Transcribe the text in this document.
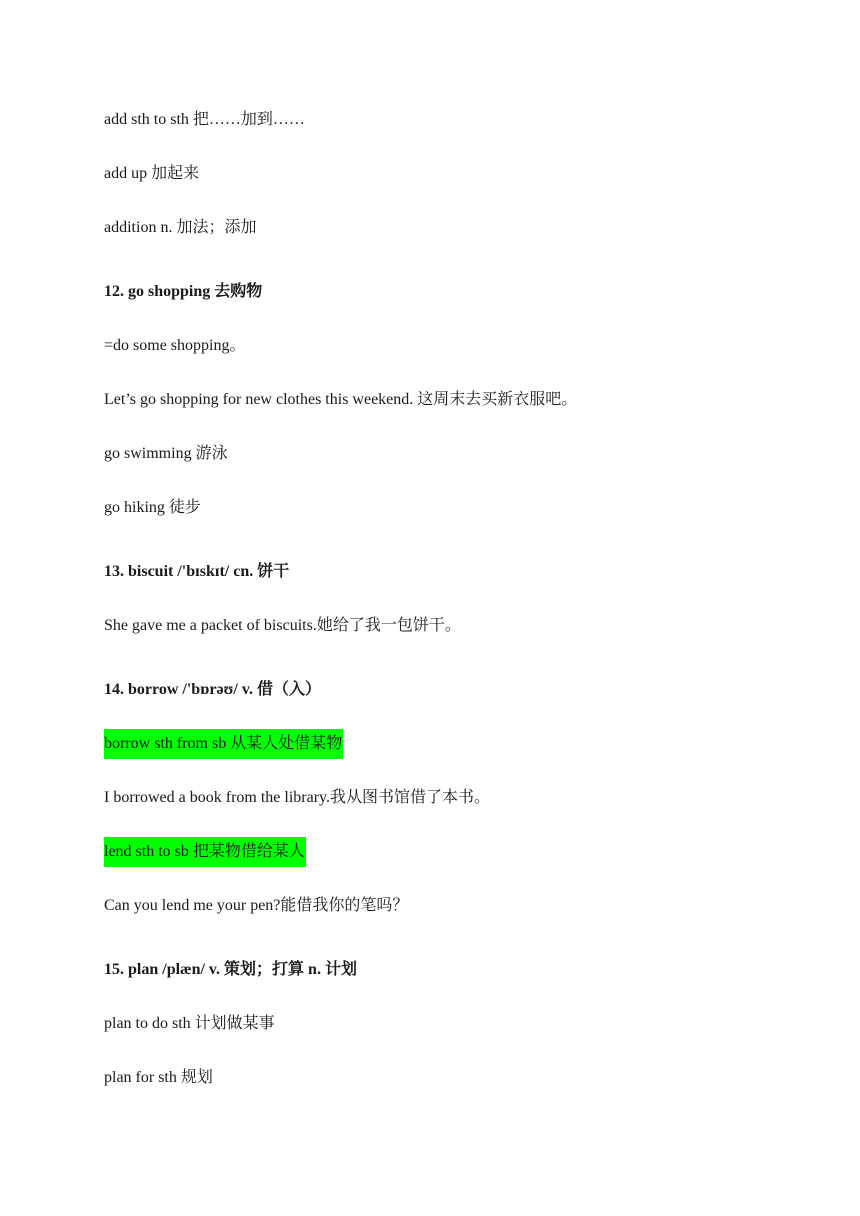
add sth to sth 把……加到……
add up 加起来
addition n. 加法；添加
12. go shopping 去购物
=do some shopping。
Let’s go shopping for new clothes this weekend. 这周末去买新衣服吧。
go swimming 游泳
go hiking 徒步
13. biscuit /'bɪskɪt/ cn. 饼干
She gave me a packet of biscuits.她给了我一包饼干。
14. borrow /'bɒrəʊ/ v. 借（入）
borrow sth from sb 从某人处借某物
I borrowed a book from the library.我从图书馆借了本书。
lend sth to sb 把某物借给某人
Can you lend me your pen?能借我你的笔吗？
15. plan /plæn/ v. 策划；打算 n. 计划
plan to do sth 计划做某事
plan for sth 规划
